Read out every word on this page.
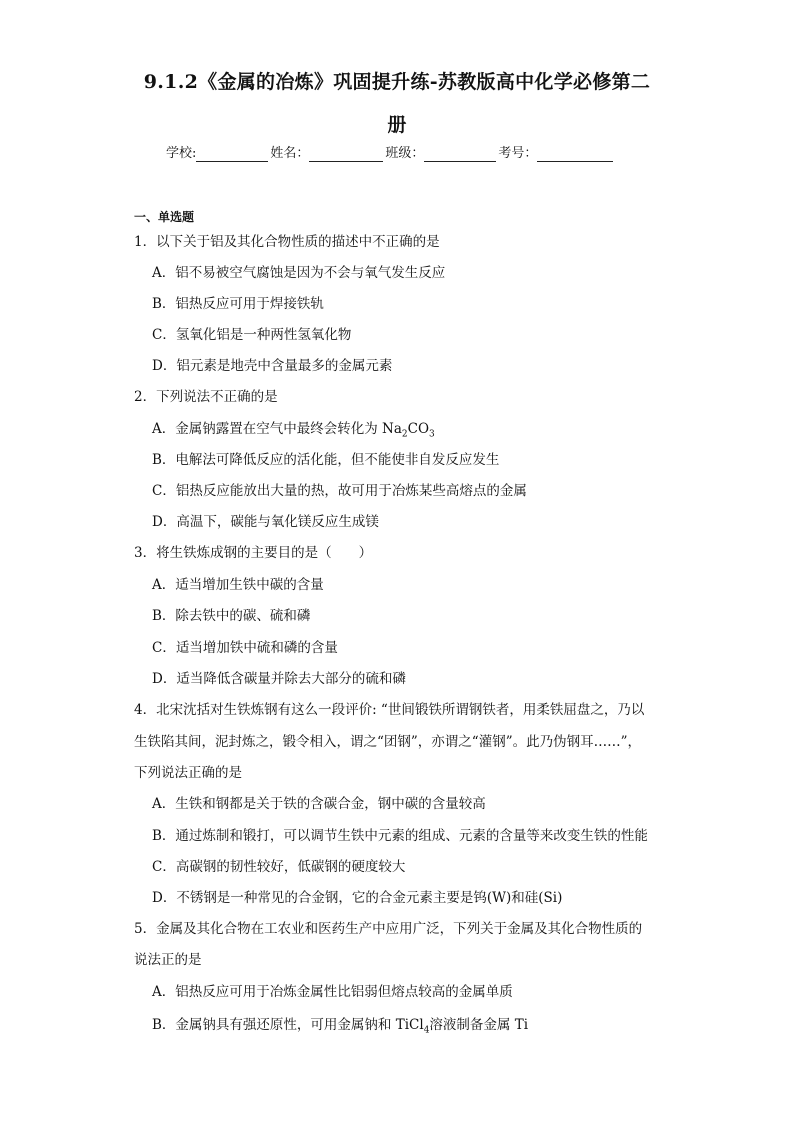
9.1.2《金属的冶炼》巩固提升练-苏教版高中化学必修第二
册
学校:	姓名：	班级：	考号：
一、单选题
1．以下关于铝及其化合物性质的描述中不正确的是
A．铝不易被空气腐蚀是因为不会与氧气发生反应
B．铝热反应可用于焊接铁轨
C．氢氧化铝是一种两性氢氧化物
D．铝元素是地壳中含量最多的金属元素
2．下列说法不正确的是
A．金属钠露置在空气中最终会转化为 $Na_2CO_3$
B．电解法可降低反应的活化能，但不能使非自发反应发生
C．铝热反应能放出大量的热，故可用于冶炼某些高熔点的金属
D．高温下，碳能与氧化镁反应生成镁
3．将生铁炼成钢的主要目的是（　　）
A．适当增加生铁中碳的含量
B．除去铁中的碳、硫和磷
C．适当增加铁中硫和磷的含量
D．适当降低含碳量并除去大部分的硫和磷
4．北宋沈括对生铁炼钢有这么一段评价: “世间锻铁所谓钢铁者，用柔铁屈盘之，乃以
生铁陷其间，泥封炼之，锻令相入，谓之“团钢”，亦谓之“灌钢”。此乃伪钢耳……”，
下列说法正确的是
A．生铁和钢都是关于铁的含碳合金，钢中碳的含量较高
B．通过炼制和锻打，可以调节生铁中元素的组成、元素的含量等来改变生铁的性能
C．高碳钢的韧性较好，低碳钢的硬度较大
D．不锈钢是一种常见的合金钢，它的合金元素主要是钨(W)和硅(Si)
5．金属及其化合物在工农业和医药生产中应用广泛，下列关于金属及其化合物性质的
说法正的是
A．铝热反应可用于冶炼金属性比铝弱但熔点较高的金属单质
B．金属钠具有强还原性，可用金属钠和 TiCl$_4$溶液制备金属 Ti
